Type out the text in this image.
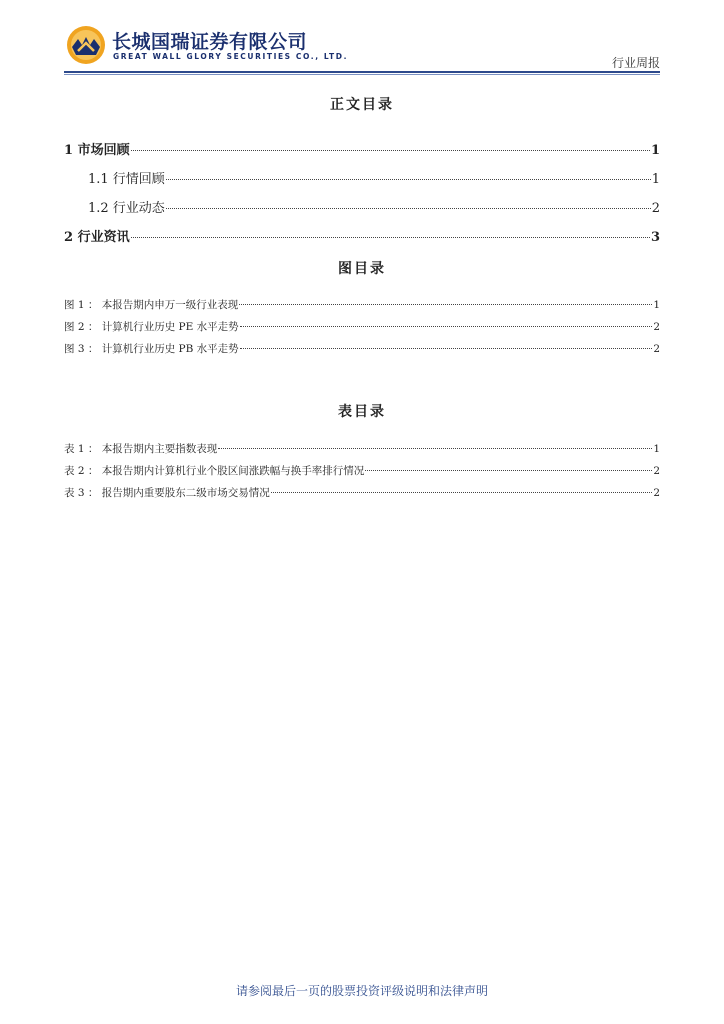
长城国瑞证券有限公司
GREAT WALL GLORY SECURITIES CO., LTD.	行业周报
正文目录
1 市场回顾	1
1.1 行情回顾	1
1.2 行业动态	2
2 行业资讯	3
图目录
图 1 ： 本报告期内申万一级行业表现	1
图 2 ： 计算机行业历史 PE 水平走势	2
图 3 ： 计算机行业历史 PB 水平走势	2
表目录
表 1 ： 本报告期内主要指数表现	1
表 2 ： 本报告期内计算机行业个股区间涨跌幅与换手率排行情况	2
表 3 ： 报告期内重要股东二级市场交易情况	2
请参阅最后一页的股票投资评级说明和法律声明
